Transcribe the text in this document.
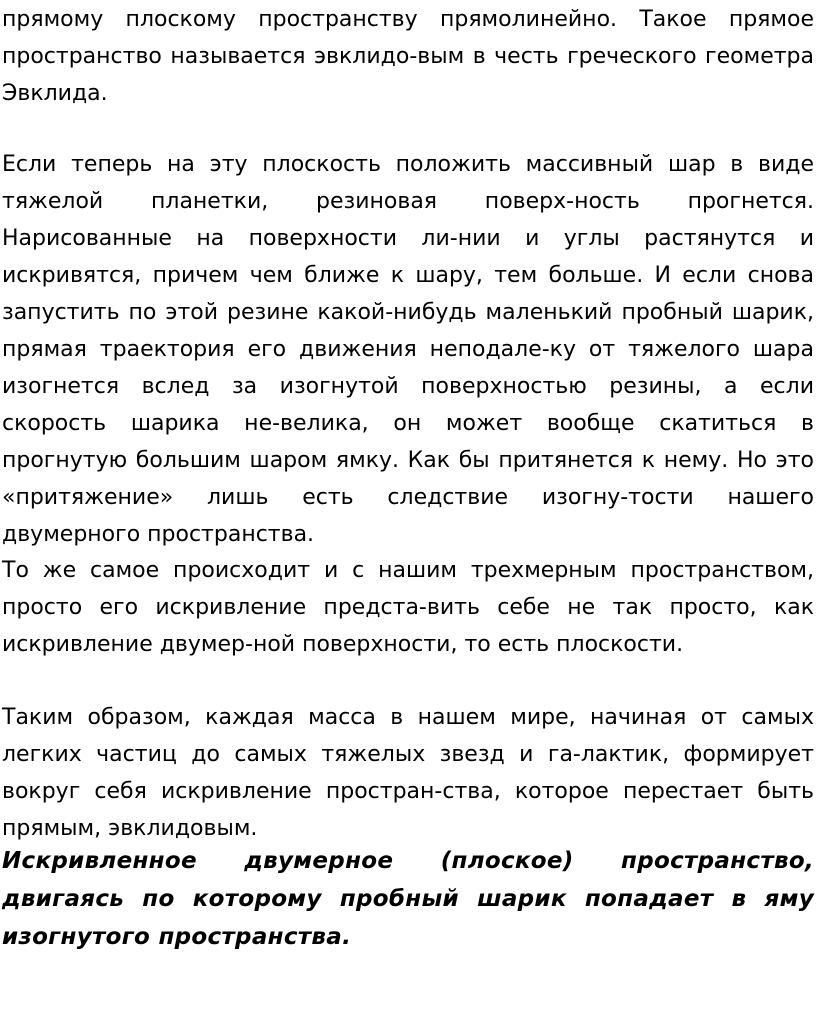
прямому плоскому пространству прямолинейно. Такое прямое пространство называется эвклидо-вым в честь греческого геометра Эвклида.

Если теперь на эту плоскость положить массивный шар в виде тяжелой планетки, резиновая поверх-ность прогнется. Нарисованные на поверхности ли-нии и углы растянутся и искривятся, причем чем ближе к шару, тем больше. И если снова запустить по этой резине какой-нибудь маленький пробный шарик, прямая траектория его движения неподале-ку от тяжелого шара изогнется вслед за изогнутой поверхностью резины, а если скорость шарика не-велика, он может вообще скатиться в прогнутую большим шаром ямку. Как бы притянется к нему. Но это «притяжение» лишь есть следствие изогну-тости нашего двумерного пространства.

То же самое происходит и с нашим трехмерным пространством, просто его искривление предста-вить себе не так просто, как искривление двумер-ной поверхности, то есть плоскости.

Таким образом, каждая масса в нашем мире, начиная от самых легких частиц до самых тяжелых звезд и га-лактик, формирует вокруг себя искривление простран-ства, которое перестает быть прямым, эвклидовым.

Искривленное двумерное (плоское) пространство, двигаясь по которому пробный шарик попадает в яму изогнутого пространства.
